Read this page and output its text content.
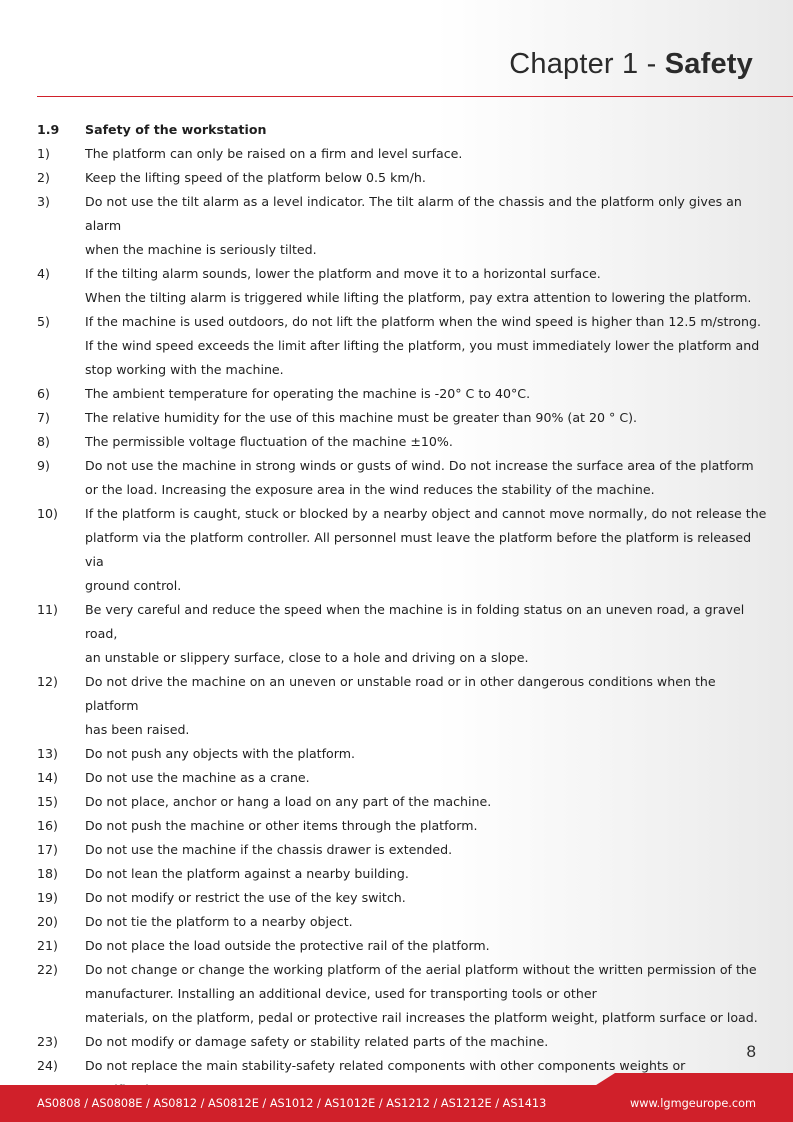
Chapter 1 - Safety
1.9	Safety of the workstation
1)	The platform can only be raised on a firm and level surface.
2)	Keep the lifting speed of the platform below 0.5 km/h.
3)	Do not use the tilt alarm as a level indicator. The tilt alarm of the chassis and the platform only gives an alarm
when the machine is seriously tilted.
4)	If the tilting alarm sounds, lower the platform and move it to a horizontal surface.
When the tilting alarm is triggered while lifting the platform, pay extra attention to lowering the platform.
5)	If the machine is used outdoors, do not lift the platform when the wind speed is higher than 12.5 m/strong.
If the wind speed exceeds the limit after lifting the platform, you must immediately lower the platform and
stop working with the machine.
6)	The ambient temperature for operating the machine is -20° C to 40°C.
7)	The relative humidity for the use of this machine must be greater than 90% (at 20 ° C).
8)	The permissible voltage fluctuation of the machine ±10%.
9)	Do not use the machine in strong winds or gusts of wind. Do not increase the surface area of the platform
or the load. Increasing the exposure area in the wind reduces the stability of the machine.
10)	If the platform is caught, stuck or blocked by a nearby object and cannot move normally, do not release the
platform via the platform controller. All personnel must leave the platform before the platform is released via
ground control.
11)	Be very careful and reduce the speed when the machine is in folding status on an uneven road, a gravel road,
an unstable or slippery surface, close to a hole and driving on a slope.
12)	Do not drive the machine on an uneven or unstable road or in other dangerous conditions when the platform
has been raised.
13)	Do not push any objects with the platform.
14)	Do not use the machine as a crane.
15)	Do not place, anchor or hang a load on any part of the machine.
16)	Do not push the machine or other items through the platform.
17)	Do not use the machine if the chassis drawer is extended.
18)	Do not lean the platform against a nearby building.
19)	Do not modify or restrict the use of the key switch.
20)	Do not tie the platform to a nearby object.
21)	Do not place the load outside the protective rail of the platform.
22)	Do not change or change the working platform of the aerial platform without the written permission of the
manufacturer. Installing an additional device, used for transporting tools or other
materials, on the platform, pedal or protective rail increases the platform weight, platform surface or load.
23)	Do not modify or damage safety or stability related parts of the machine.
24)	Do not replace the main stability-safety related components with other components weights or
8
AS0808 / AS0808E / AS0812 / AS0812E / AS1012 / AS1012E / AS1212 / AS1212E / AS1413	www.lgmgeurope.com
